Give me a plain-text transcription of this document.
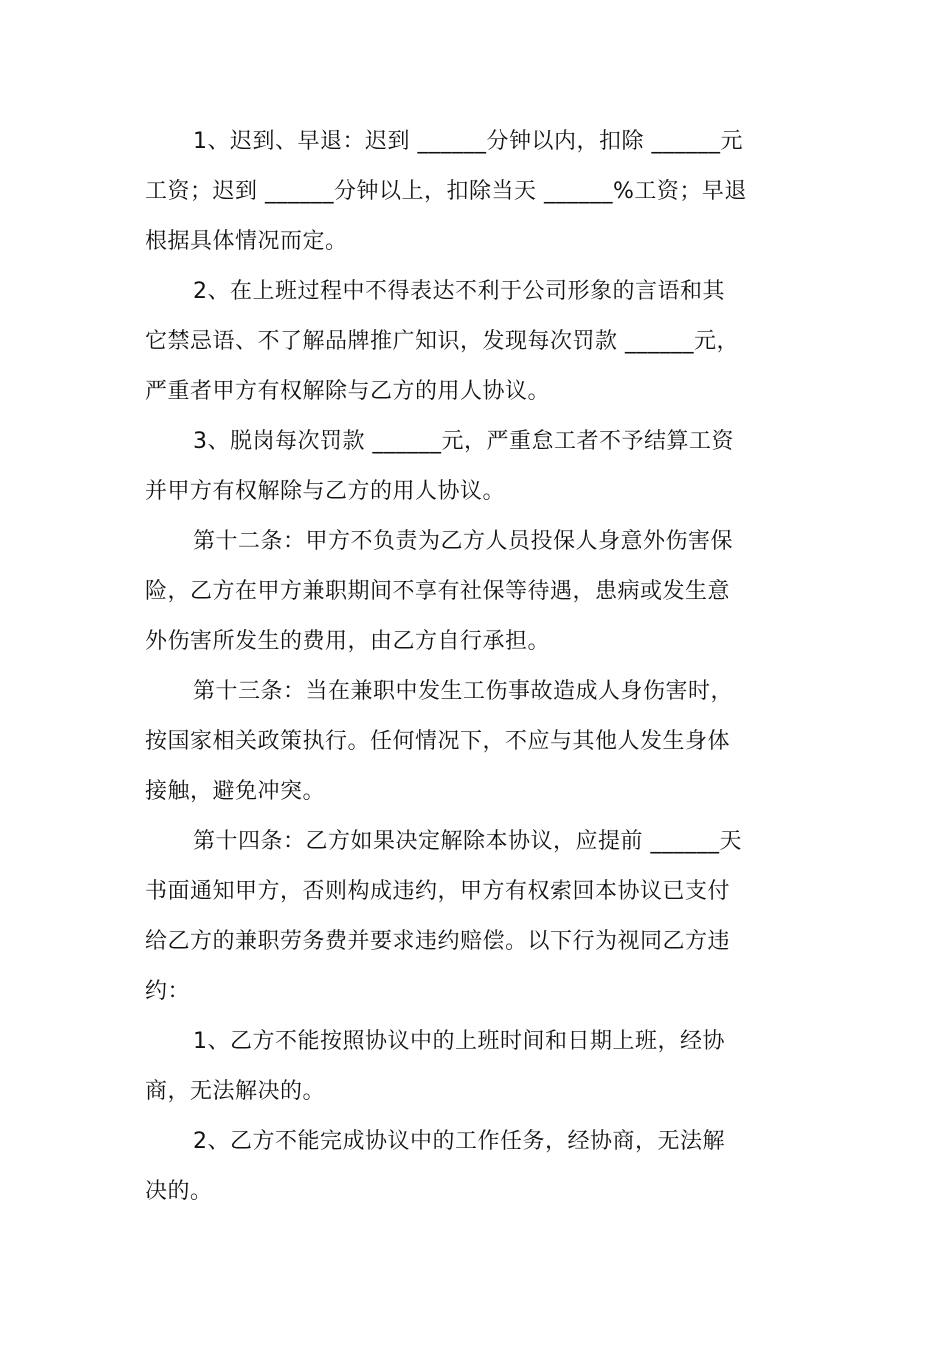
1、迟到、早退：迟到 ______分钟以内，扣除 ______元
工资；迟到 ______分钟以上，扣除当天 ______%工资；早退
根据具体情况而定。
2、在上班过程中不得表达不利于公司形象的言语和其
它禁忌语、不了解品牌推广知识，发现每次罚款 ______元，
严重者甲方有权解除与乙方的用人协议。
3、脱岗每次罚款 ______元，严重怠工者不予结算工资
并甲方有权解除与乙方的用人协议。
第十二条：甲方不负责为乙方人员投保人身意外伤害保
险，乙方在甲方兼职期间不享有社保等待遇，患病或发生意
外伤害所发生的费用，由乙方自行承担。
第十三条：当在兼职中发生工伤事故造成人身伤害时，
按国家相关政策执行。任何情况下，不应与其他人发生身体
接触，避免冲突。
第十四条：乙方如果决定解除本协议，应提前 ______天
书面通知甲方，否则构成违约，甲方有权索回本协议已支付
给乙方的兼职劳务费并要求违约赔偿。以下行为视同乙方违
约：
1、乙方不能按照协议中的上班时间和日期上班，经协
商，无法解决的。
2、乙方不能完成协议中的工作任务，经协商，无法解
决的。
